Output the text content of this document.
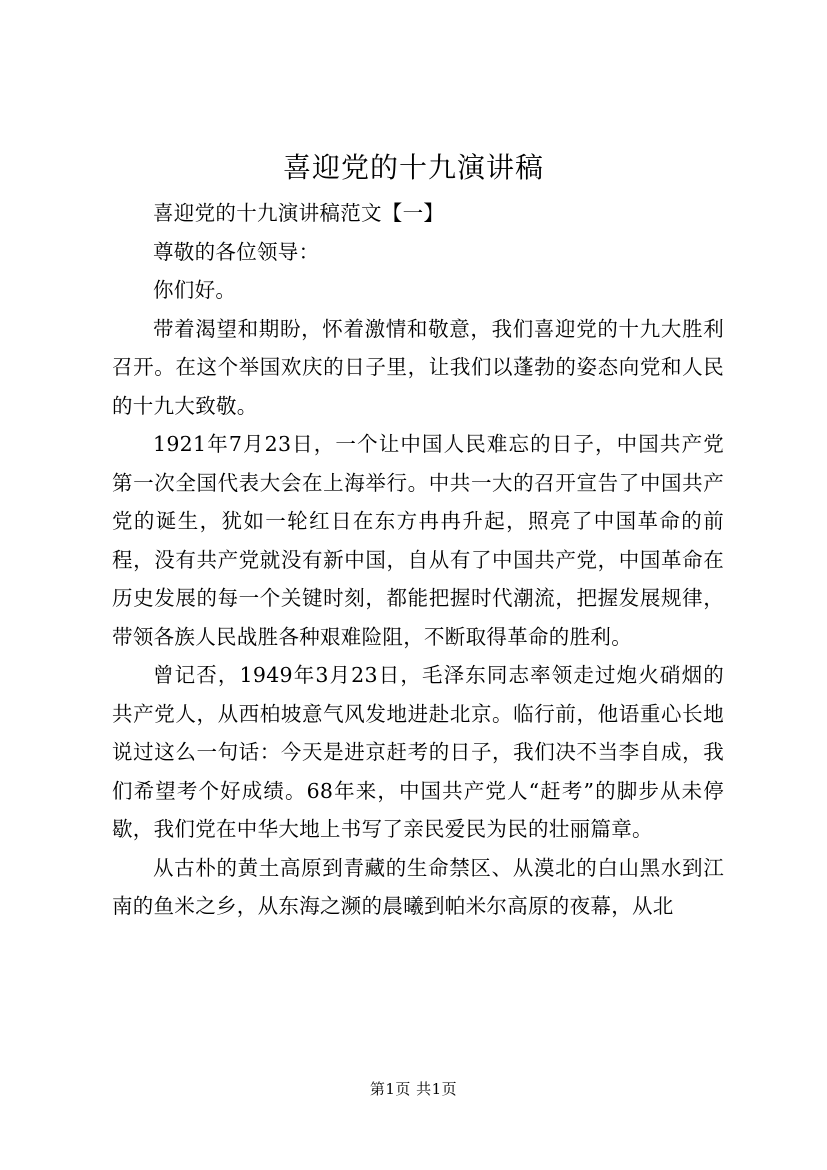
喜迎党的十九演讲稿

喜迎党的十九演讲稿范文【一】

尊敬的各位领导：

你们好。

带着渴望和期盼，怀着激情和敬意，我们喜迎党的十九大胜利召开。在这个举国欢庆的日子里，让我们以蓬勃的姿态向党和人民的十九大致敬。

1921年7月23日，一个让中国人民难忘的日子，中国共产党第一次全国代表大会在上海举行。中共一大的召开宣告了中国共产党的诞生，犹如一轮红日在东方冉冉升起，照亮了中国革命的前程，没有共产党就没有新中国，自从有了中国共产党，中国革命在历史发展的每一个关键时刻，都能把握时代潮流，把握发展规律，带领各族人民战胜各种艰难险阻，不断取得革命的胜利。

曾记否，1949年3月23日，毛泽东同志率领走过炮火硝烟的共产党人，从西柏坡意气风发地进赴北京。临行前，他语重心长地说过这么一句话：今天是进京赶考的日子，我们决不当李自成，我们希望考个好成绩。68年来，中国共产党人“赶考”的脚步从未停歇，我们党在中华大地上书写了亲民爱民为民的壮丽篇章。

从古朴的黄土高原到青藏的生命禁区、从漠北的白山黑水到江南的鱼米之乡，从东海之濒的晨曦到帕米尔高原的夜幕，从北

第1页 共1页
